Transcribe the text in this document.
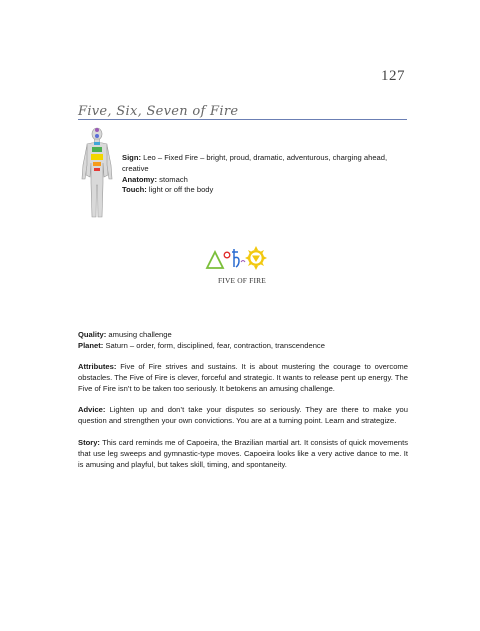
127
Five, Six, Seven of Fire
Sign: Leo – Fixed Fire – bright, proud, dramatic, adventurous, charging ahead, creative
Anatomy: stomach
Touch: light or off the body
FIVE OF FIRE
Quality: amusing challenge
Planet: Saturn – order, form, disciplined, fear, contraction, transcendence
Attributes: Five of Fire strives and sustains. It is about mustering the courage to overcome obstacles. The Five of Fire is clever, forceful and strategic. It wants to release pent up energy. The Five of Fire isn’t to be taken too seriously. It betokens an amusing challenge.
Advice: Lighten up and don’t take your disputes so seriously. They are there to make you question and strengthen your own convictions. You are at a turning point. Learn and strategize.
Story: This card reminds me of Capoeira, the Brazilian martial art. It consists of quick movements that use leg sweeps and gymnastic-type moves. Capoeira looks like a very active dance to me. It is amusing and playful, but takes skill, timing, and spontaneity.
